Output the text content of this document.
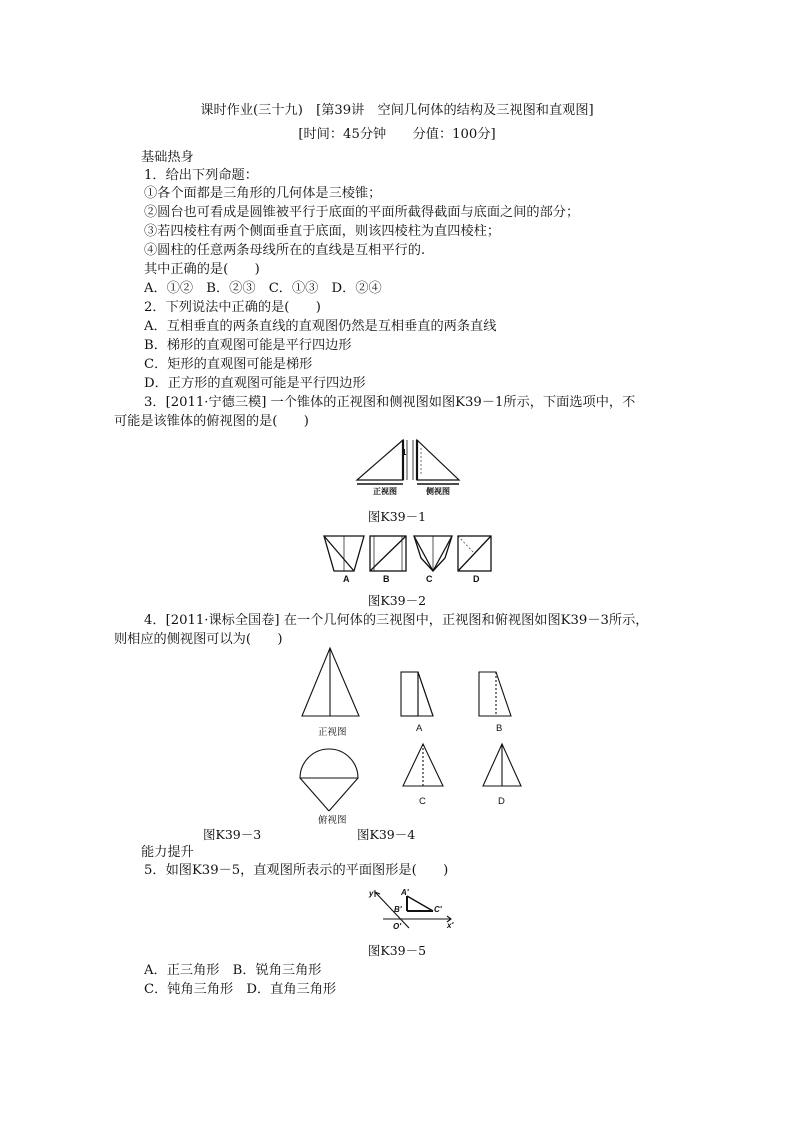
课时作业(三十九)　[第39讲　空间几何体的结构及三视图和直观图]
[时间：45分钟　　分值：100分]
基础热身
1．给出下列命题：
①各个面都是三角形的几何体是三棱锥；
②圆台也可看成是圆锥被平行于底面的平面所截得截面与底面之间的部分；
③若四棱柱有两个侧面垂直于底面，则该四棱柱为直四棱柱；
④圆柱的任意两条母线所在的直线是互相平行的.
其中正确的是(　　)
A．①②　B．②③　C．①③　D．②④
2．下列说法中正确的是(　　)
A．互相垂直的两条直线的直观图仍然是互相垂直的两条直线
B．梯形的直观图可能是平行四边形
C．矩形的直观图可能是梯形
D．正方形的直观图可能是平行四边形
3．[2011·宁德三模] 一个锥体的正视图和侧视图如图K39－1所示，下面选项中，不
可能是该锥体的俯视图的是(　　)
1
正视图	侧视图
图K39－1
A	B	C	D
图K39－2
4．[2011·课标全国卷] 在一个几何体的三视图中，正视图和俯视图如图K39－3所示，
则相应的侧视图可以为(　　)
正视图
俯视图
A	B
C	D
图K39－3	图K39－4
能力提升
5．如图K39－5，直观图所表示的平面图形是(　　)
y'
x'
O'
A'
B'	C'
图K39－5
A．正三角形　B．锐角三角形
C．钝角三角形　D．直角三角形
